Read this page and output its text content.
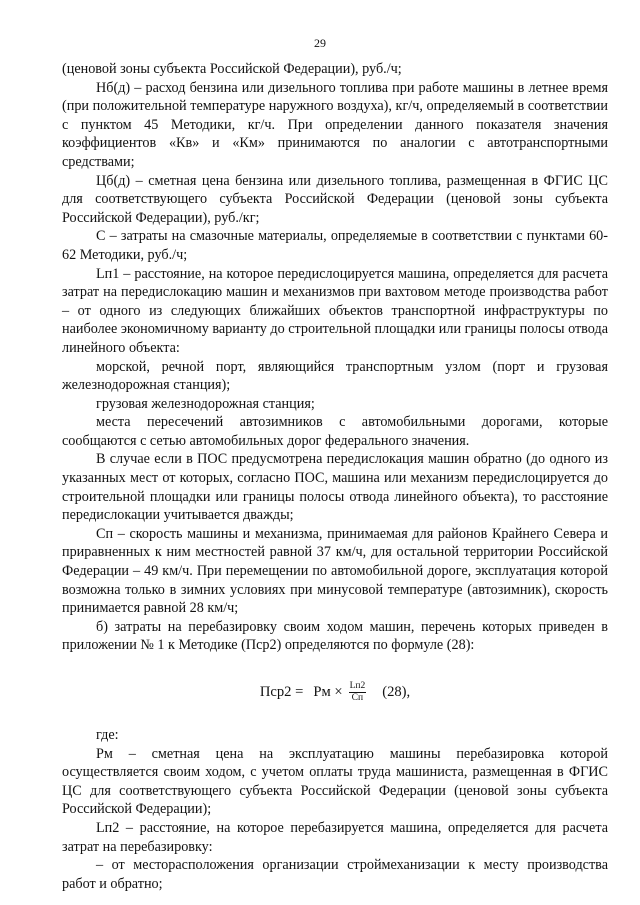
29

(ценовой зоны субъекта Российской Федерации), руб./ч;

Нб(д) – расход бензина или дизельного топлива при работе машины в летнее время (при положительной температуре наружного воздуха), кг/ч, определяемый в соответствии с пунктом 45 Методики, кг/ч. При определении данного показателя значения коэффициентов «Кв» и «Км» принимаются по аналогии с автотранспортными средствами;

Цб(д) – сметная цена бензина или дизельного топлива, размещенная в ФГИС ЦС для соответствующего субъекта Российской Федерации (ценовой зоны субъекта Российской Федерации), руб./кг;

С – затраты на смазочные материалы, определяемые в соответствии с пунктами 60- 62 Методики, руб./ч;

Lп1 – расстояние, на которое передислоцируется машина, определяется для расчета затрат на передислокацию машин и механизмов при вахтовом методе производства работ – от одного из следующих ближайших объектов транспортной инфраструктуры по наиболее экономичному варианту до строительной площадки или границы полосы отвода линейного объекта:

морской, речной порт, являющийся транспортным узлом (порт и грузовая железнодорожная станция);

грузовая железнодорожная станция;

места пересечений автозимников с автомобильными дорогами, которые сообщаются с сетью автомобильных дорог федерального значения.

В случае если в ПОС предусмотрена передислокация машин обратно (до одного из указанных мест от которых, согласно ПОС, машина или механизм передислоцируется до строительной площадки или границы полосы отвода линейного объекта), то расстояние передислокации учитывается дважды;

Сп – скорость машины и механизма, принимаемая для районов Крайнего Севера и приравненных к ним местностей равной 37 км/ч, для остальной территории Российской Федерации – 49 км/ч. При перемещении по автомобильной дороге, эксплуатация которой возможна только в зимних условиях при минусовой температуре (автозимник), скорость принимается равной 28 км/ч;

б) затраты на перебазировку своим ходом машин, перечень которых приведен в приложении № 1 к Методике (Пср2) определяются по формуле (28):

Пср2 = Рм × $\frac{Lп2}{Сп} (28)$,

где:

Рм – сметная цена на эксплуатацию машины перебазировка которой осуществляется своим ходом, с учетом оплаты труда машиниста, размещенная в ФГИС ЦС для соответствующего субъекта Российской Федерации (ценовой зоны субъекта Российской Федерации);

Lп2 – расстояние, на которое перебазируется машина, определяется для расчета затрат на перебазировку:

– от месторасположения организации строймеханизации к месту производства работ и обратно;
